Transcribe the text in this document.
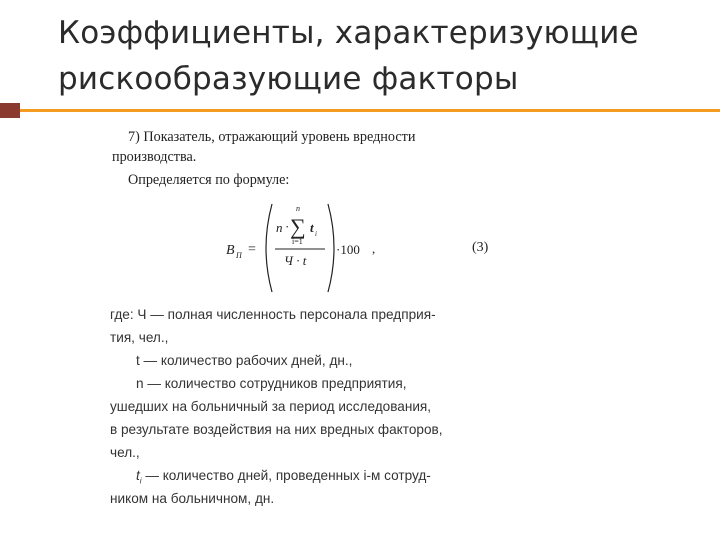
Коэффициенты, характеризующие
рискообразующие факторы
7) Показатель, отражающий уровень вредности
производства.
Определяется по формуле:
B П =
n ·
n
∑
i=1
t i
Ч · t
·100 ,	(3)
где: Ч — полная численность персонала предприя-
тия, чел.,
t — количество рабочих дней, дн.,
n — количество сотрудников предприятия,
ушедших на больничный за период исследования,
в результате воздействия на них вредных факторов,
чел.,
$t_i$ — количество дней, проведенных i-м сотруд-
ником на больничном, дн.
